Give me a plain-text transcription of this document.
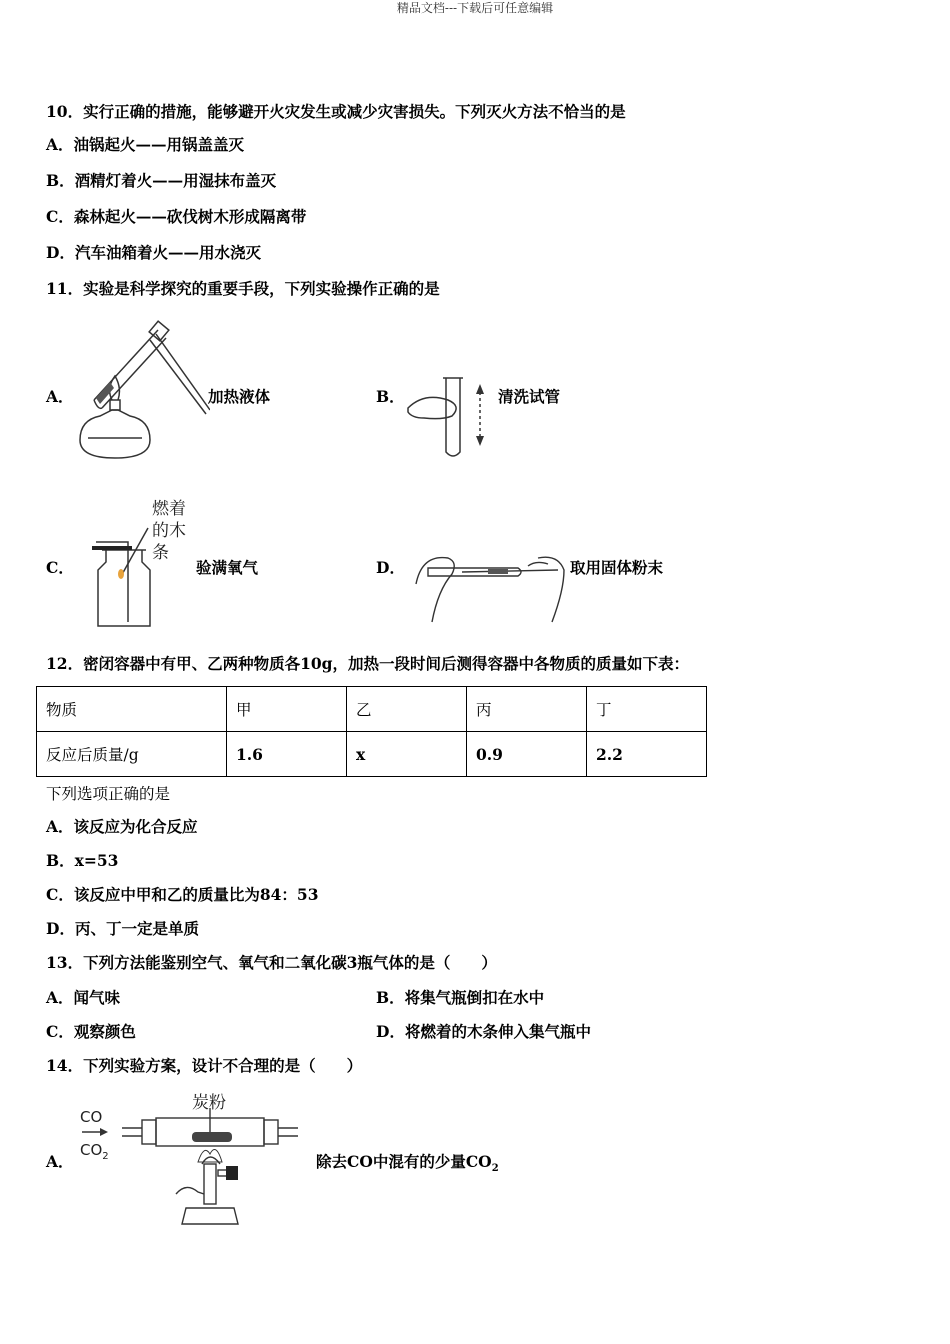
精品文档---下载后可任意编辑
10．实行正确的措施，能够避开火灾发生或减少灾害损失。下列灭火方法不恰当的是
A．油锅起火——用锅盖盖灭
B．酒精灯着火——用湿抹布盖灭
C．森林起火——砍伐树木形成隔离带
D．汽车油箱着火——用水浇灭
11．实验是科学探究的重要手段，下列实验操作正确的是
A．	加热液体	B．	清洗试管
C．
燃着
的木
条
验满氧气	D．	取用固体粉末
12．密闭容器中有甲、乙两种物质各10g，加热一段时间后测得容器中各物质的质量如下表：
物质	甲	乙	丙	丁
反应后质量/g	1.6	x	0.9	2.2
下列选项正确的是
A．该反应为化合反应
B．x=53
C．该反应中甲和乙的质量比为84：53
D．丙、丁一定是单质
13．下列方法能鉴别空气、氧气和二氧化碳3瓶气体的是（　　）
A．闻气味	B．将集气瓶倒扣在水中
C．观察颜色	D．将燃着的木条伸入集气瓶中
14．下列实验方案，设计不合理的是（　　）
A．
炭粉
CO
$CO_2$	除去CO中混有的少量$CO_2$
